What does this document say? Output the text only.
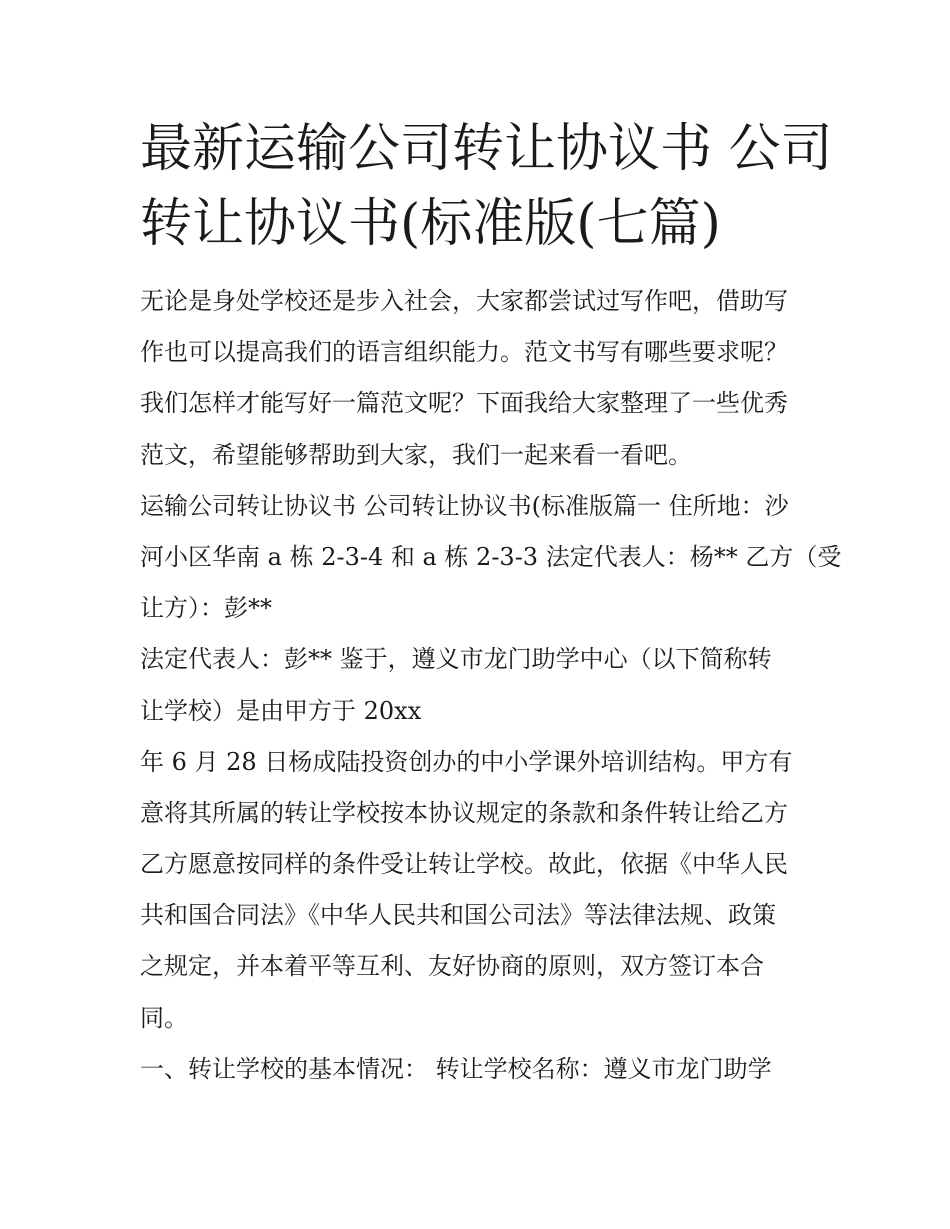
最新运输公司转让协议书 公司
转让协议书(标准版(七篇)
无论是身处学校还是步入社会，大家都尝试过写作吧，借助写
作也可以提高我们的语言组织能力。范文书写有哪些要求呢？
我们怎样才能写好一篇范文呢？下面我给大家整理了一些优秀
范文，希望能够帮助到大家，我们一起来看一看吧。
运输公司转让协议书 公司转让协议书(标准版篇一 住所地：沙
河小区华南 a 栋 2-3-4 和 a 栋 2-3-3 法定代表人：杨** 乙方（受
让方）：彭**
法定代表人：彭** 鉴于，遵义市龙门助学中心（以下简称转
让学校）是由甲方于 20xx
年 6 月 28 日杨成陆投资创办的中小学课外培训结构。甲方有
意将其所属的转让学校按本协议规定的条款和条件转让给乙方
乙方愿意按同样的条件受让转让学校。故此，依据《中华人民
共和国合同法》《中华人民共和国公司法》等法律法规、政策
之规定，并本着平等互利、友好协商的原则，双方签订本合
同。
一、转让学校的基本情况： 转让学校名称：遵义市龙门助学
